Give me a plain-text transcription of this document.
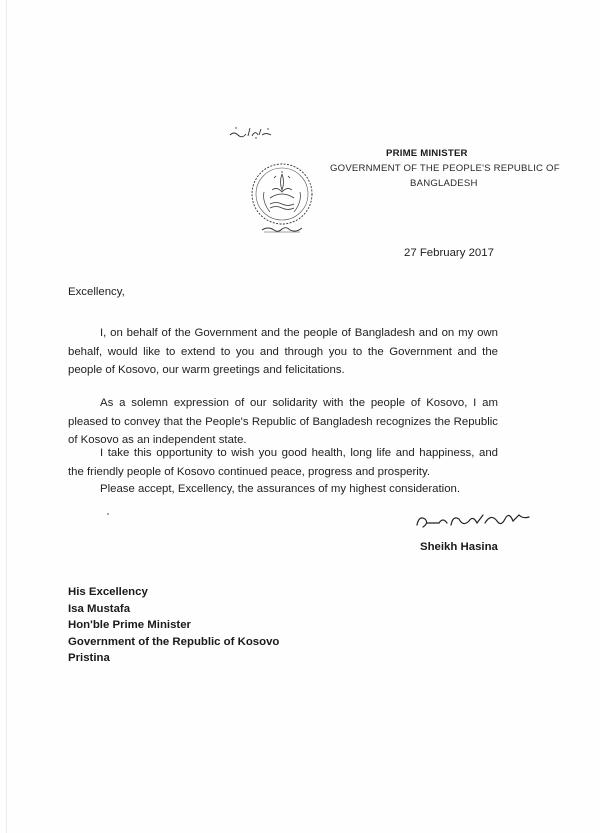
PRIME MINISTER
GOVERNMENT OF THE PEOPLE'S REPUBLIC OF
BANGLADESH
27 February 2017
Excellency,

I, on behalf of the Government and the people of Bangladesh and on my own behalf, would like to extend to you and through you to the Government and the people of Kosovo, our warm greetings and felicitations.

As a solemn expression of our solidarity with the people of Kosovo, I am pleased to convey that the People's Republic of Bangladesh recognizes the Republic of Kosovo as an independent state.

I take this opportunity to wish you good health, long life and happiness, and the friendly people of Kosovo continued peace, progress and prosperity.

Please accept, Excellency, the assurances of my highest consideration.

Sheikh Hasina
His Excellency
Isa Mustafa
Hon'ble Prime Minister
Government of the Republic of Kosovo
Pristina
